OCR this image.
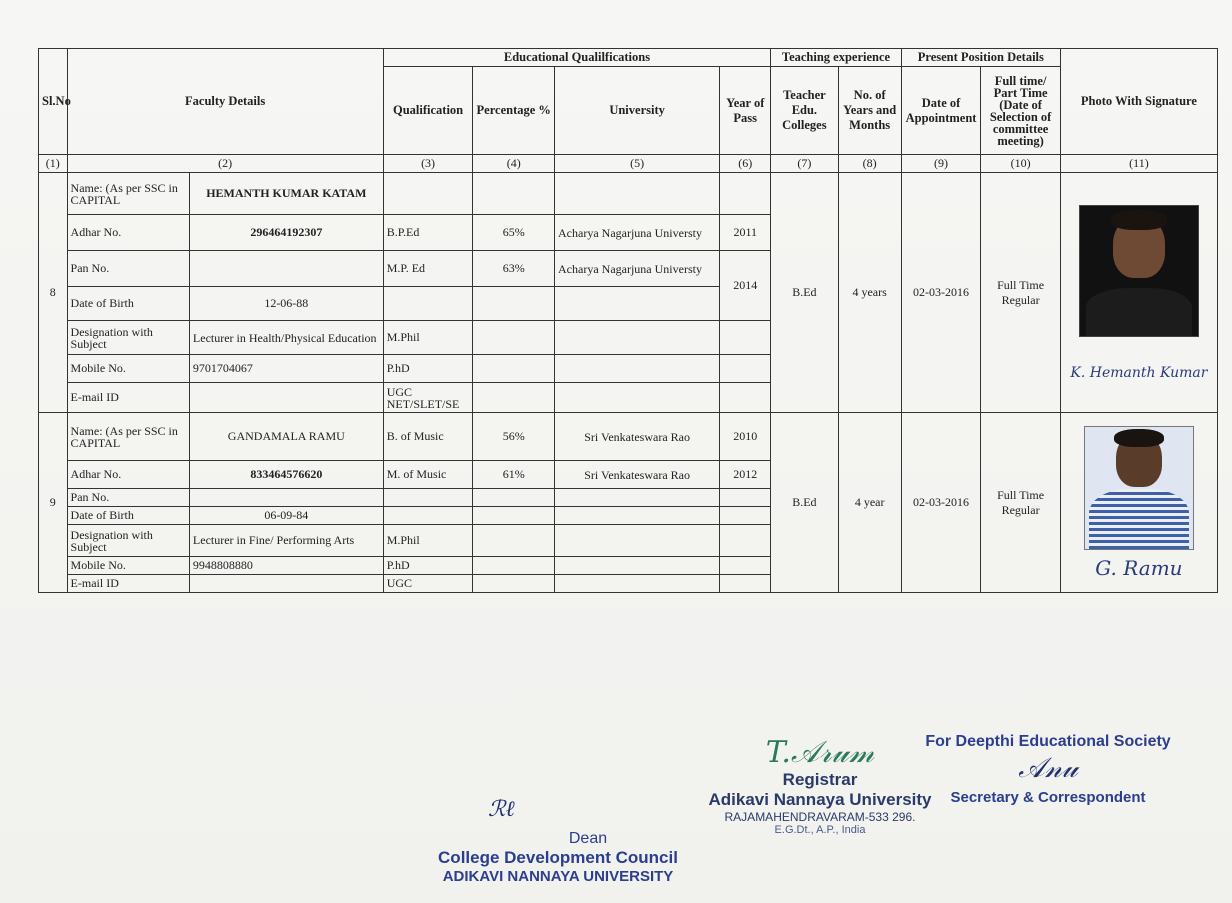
Sl.No	Faculty Details		Educational Qualilfications				Teaching experience		Present Position Details		Photo With Signature
			Qualification	Percentage %	University	Year of Pass	Teacher Edu. Colleges	No. of Years and Months	Date of Appointment	Full time/ Part Time (Date of Selection of committee meeting)	
(1)	(2)		(3)	(4)	(5)	(6)	(7)	(8)	(9)	(10)	(11)
8	Name: (As per SSC in CAPITAL	HEMANTH KUMAR KATAM					B.Ed	4 years	02-03-2016	Full Time Regular	K. Hemanth Kumar

	Adhar No.	296464192307	B.P.Ed	65%	Acharya Nagarjuna Universty	2011					
	Pan No.		M.P. Ed	63%	Acharya Nagarjuna Universty	2014					
	Date of Birth	12-06-88									
	Designation with Subject	Lecturer in Health/Physical Education	M.Phil								
	Mobile No.	9701704067	P.hD								
	E-mail ID		UGC NET/SLET/SE								
9	Name: (As per SSC in CAPITAL	GANDAMALA RAMU	B. of Music	56%	Sri Venkateswara Rao	2010	B.Ed	4 year	02-03-2016	Full Time Regular	G. Ramu

	Adhar No.	833464576620	M. of Music	61%	Sri Venkateswara Rao	2012					
	Pan No.										
	Date of Birth	06-09-84									
	Designation with Subject	Lecturer in Fine/ Performing Arts	M.Phil								
	Mobile No.	9948808880	P.hD								
	E-mail ID		UGC								
ℛℓ
Dean
College Development Council
ADIKAVI NANNAYA UNIVERSITY
T.𝒜𝓇𝓊𝓂
Registrar
Adikavi Nannaya University
RAJAMAHENDRAVARAM-533 296.
E.G.Dt., A.P., India
For Deepthi Educational Society
𝒜𝓃𝓊
Secretary & Correspondent
